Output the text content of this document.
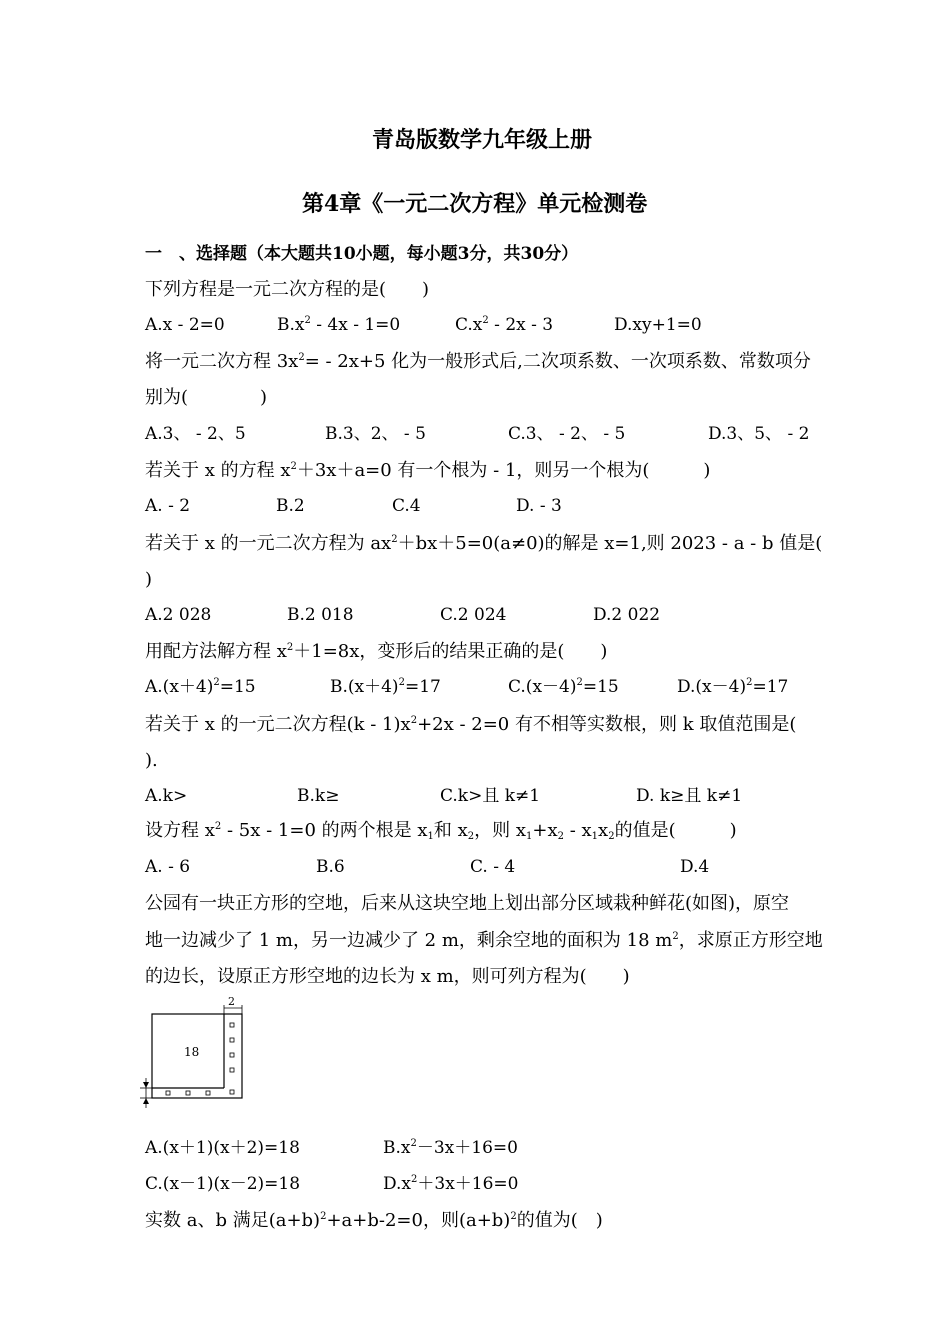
青岛版数学九年级上册
第4章《一元二次方程》单元检测卷
一　、选择题（本大题共10小题，每小题3分，共30分）
下列方程是一元二次方程的是(　　)
A.x - 2=0	$B.x^2 - 4x - 1=0$	$C.x^2 - 2x - 3$	D.xy+1=0
将一元二次方程 $3x^2= - 2x+5$ 化为一般形式后,二次项系数、一次项系数、常数项分
别为(　　　　)
A.3、 - 2、5	B.3、2、 - 5	C.3、 - 2、 - 5	D.3、5、 - 2
若关于 x 的方程 $x^2+3x+a=0$ 有一个根为 - 1，则另一个根为(　　　)
A. - 2	B.2	C.4	D. - 3
若关于 x 的一元二次方程为 $ax^2+bx+5=0(a\ne 0)$的解是 x=1,则 2023 - a - b 值是(
)
A.2 028	B.2 018	C.2 024	D.2 022
用配方法解方程 $x^2+1=8x$，变形后的结果正确的是(　　)
$A.(x+4)^2=15$	$B.(x+4)^2=17$	$C.(x-4)^2=15$	$D.(x-4)^2=17$
若关于 x 的一元二次方程$(k - 1)x^2+2x - 2=0$ 有不相等实数根，则 k 取值范围是(
).
A.k>	B.k≥	C.k>且 k≠1	D. k≥且 k≠1
设方程 $x^2 - 5x - 1=0$ 的两个根是 $x_1$和 $x_2$，则 $x_1+x_2 - x_1x_2$的值是(　　　)
A. - 6	B.6	C. - 4	D.4
公园有一块正方形的空地，后来从这块空地上划出部分区域栽种鲜花(如图)，原空
地一边减少了 1 m，另一边减少了 2 m，剩余空地的面积为 18 $m^2$，求原正方形空地
的边长，设原正方形空地的边长为 x m，则可列方程为(　　)
18
2
A.(x＋1)(x＋2)=18	$B.x^2-3x+16=0$
C.(x－1)(x－2)=18	$D.x^2+3x+16=0$
实数 a、b 满足$(a+b)^2+a+b-2=0$，则$(a+b)^2$的值为(　)
